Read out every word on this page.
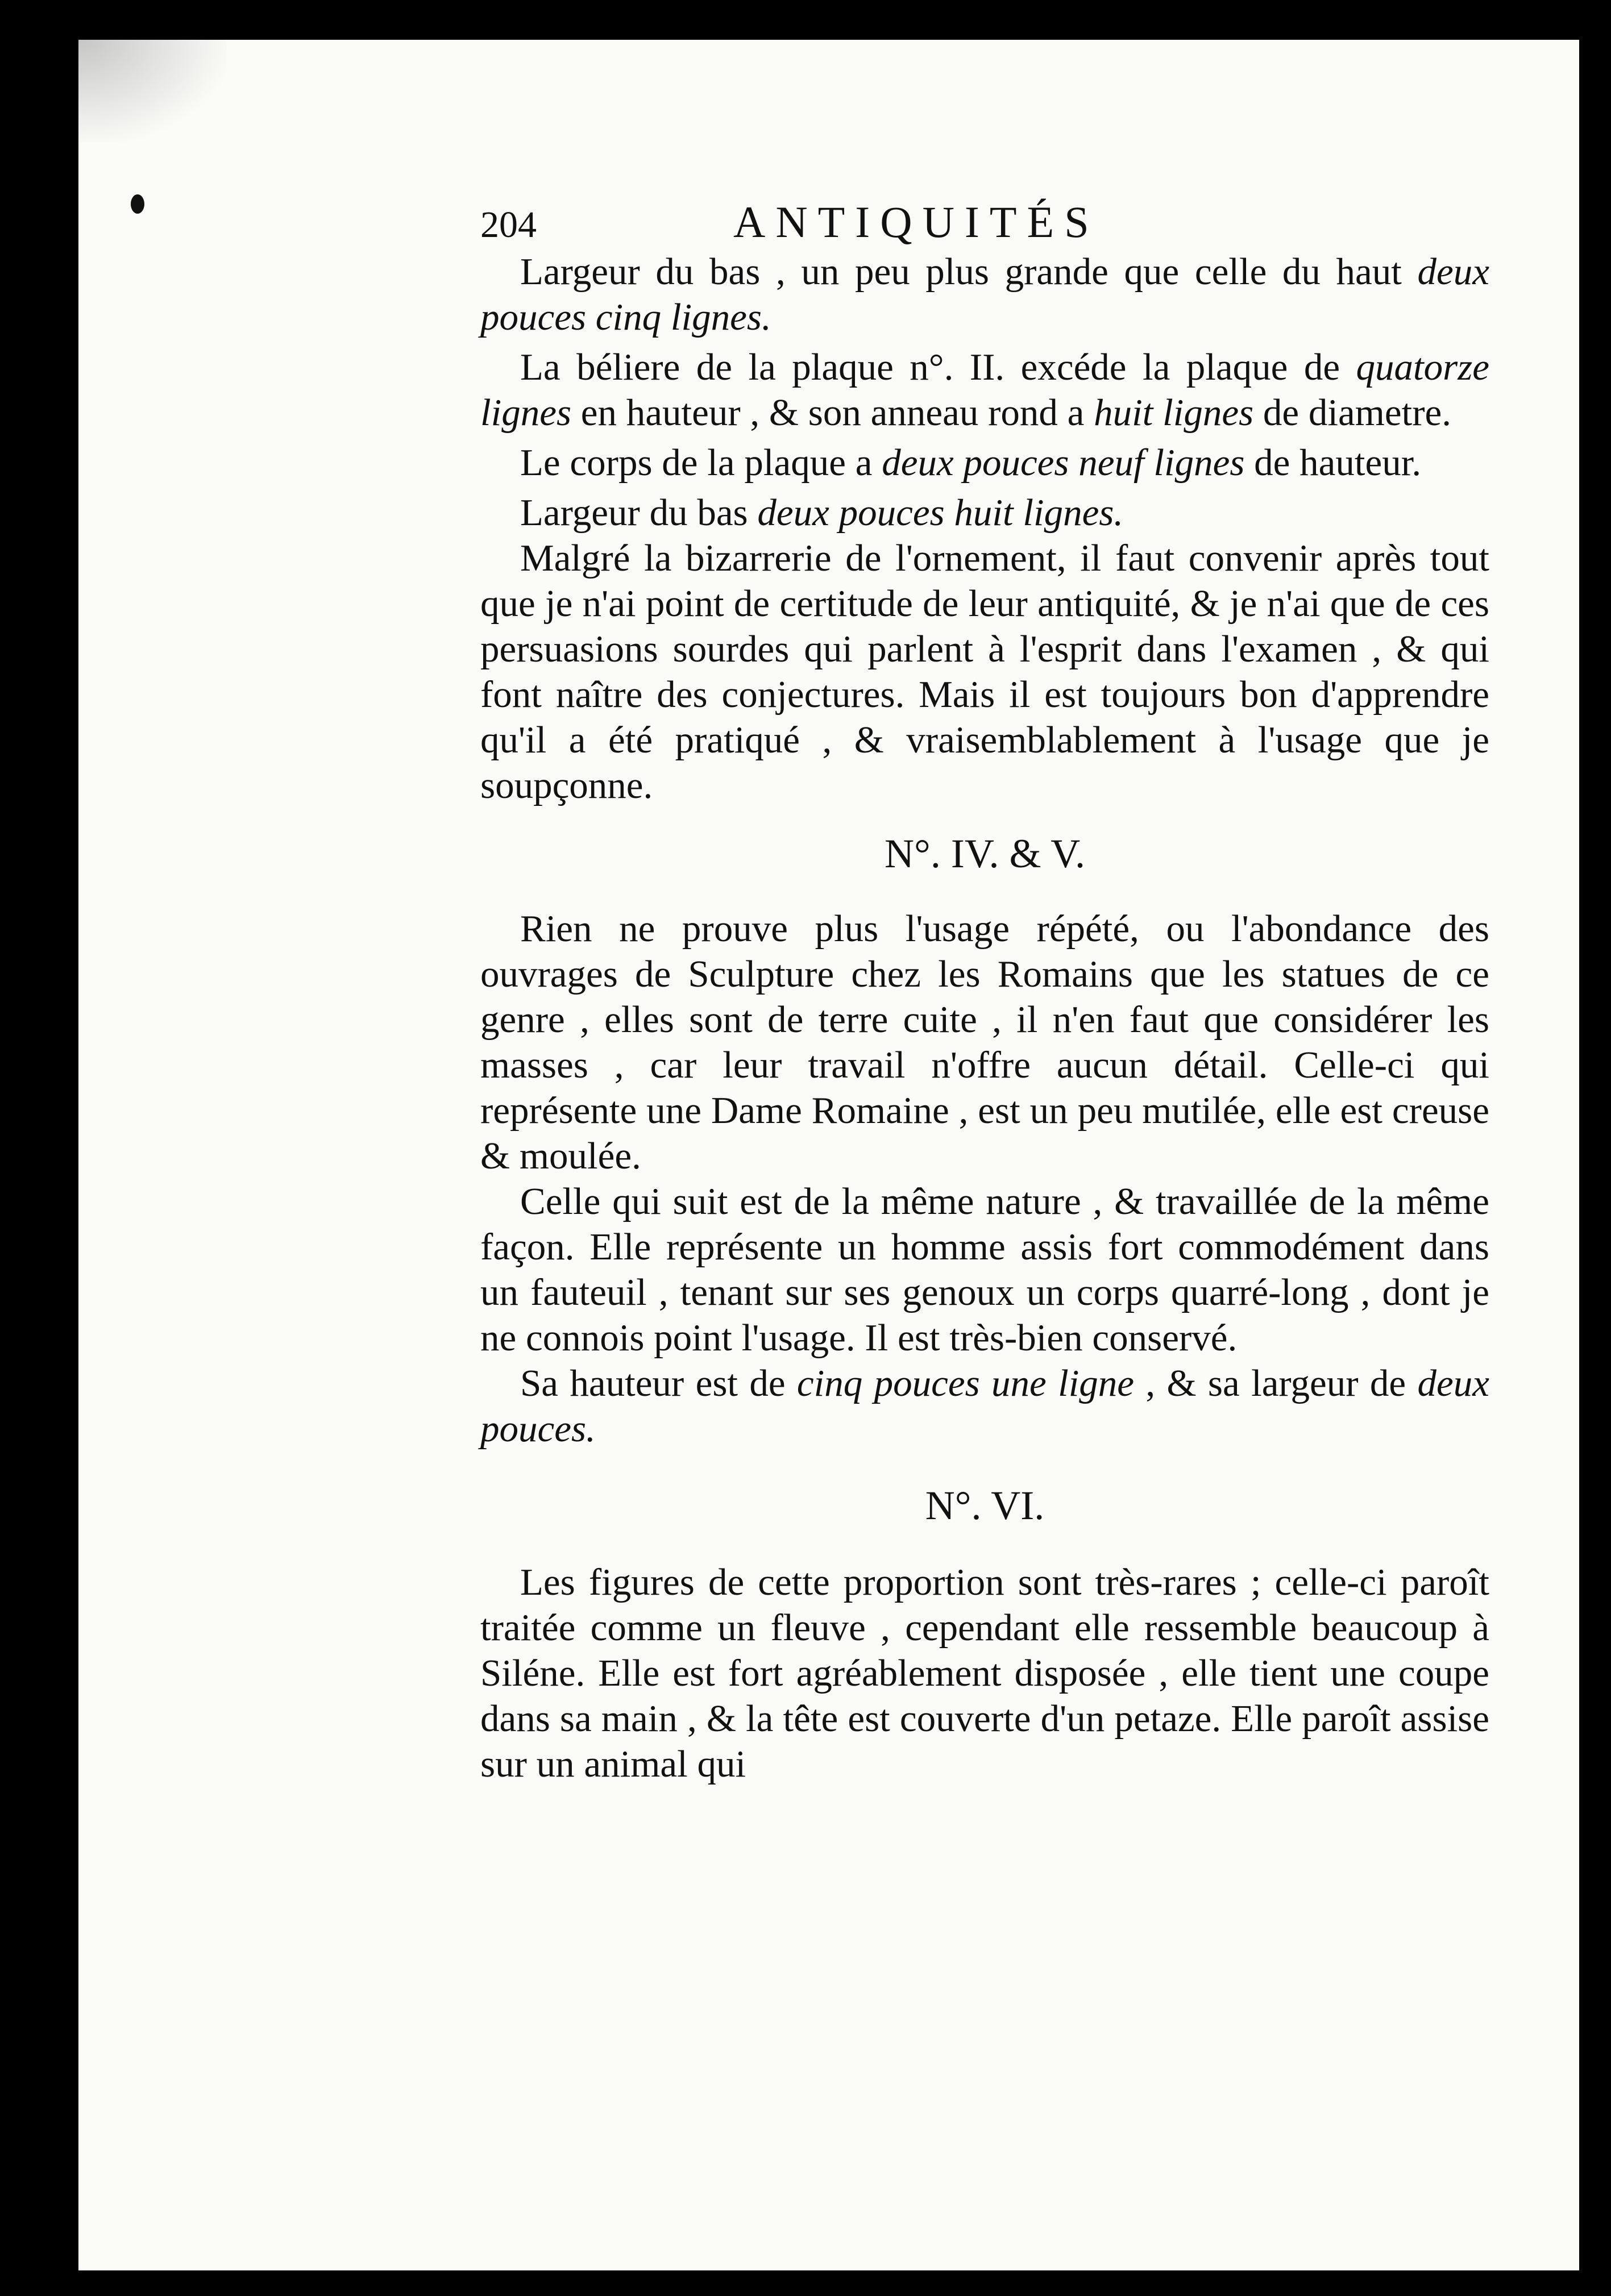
204	ANTIQUITÉS

Largeur du bas , un peu plus grande que celle du haut deux pouces cinq lignes.

La béliere de la plaque n°. II. excéde la plaque de quatorze lignes en hauteur , & son anneau rond a huit lignes de diametre.

Le corps de la plaque a deux pouces neuf lignes de hauteur.

Largeur du bas deux pouces huit lignes.

Malgré la bizarrerie de l'ornement, il faut convenir après tout que je n'ai point de certitude de leur antiquité, & je n'ai que de ces persuasions sourdes qui parlent à l'esprit dans l'examen , & qui font naître des conjectures. Mais il est toujours bon d'apprendre qu'il a été pratiqué , & vraisemblablement à l'usage que je soupçonne.

N°. IV. & V.

Rien ne prouve plus l'usage répété, ou l'abondance des ouvrages de Sculpture chez les Romains que les statues de ce genre , elles sont de terre cuite , il n'en faut que considérer les masses , car leur travail n'offre aucun détail. Celle-ci qui représente une Dame Romaine , est un peu mutilée, elle est creuse & moulée.

Celle qui suit est de la même nature , & travaillée de la même façon. Elle représente un homme assis fort commodément dans un fauteuil , tenant sur ses genoux un corps quarré-long , dont je ne connois point l'usage. Il est très-bien conservé.

Sa hauteur est de cinq pouces une ligne , & sa largeur de deux pouces.

N°. VI.

Les figures de cette proportion sont très-rares ; celle-ci paroît traitée comme un fleuve , cependant elle ressemble beaucoup à Siléne. Elle est fort agréablement disposée , elle tient une coupe dans sa main , & la tête est couverte d'un petaze. Elle paroît assise sur un animal qui
